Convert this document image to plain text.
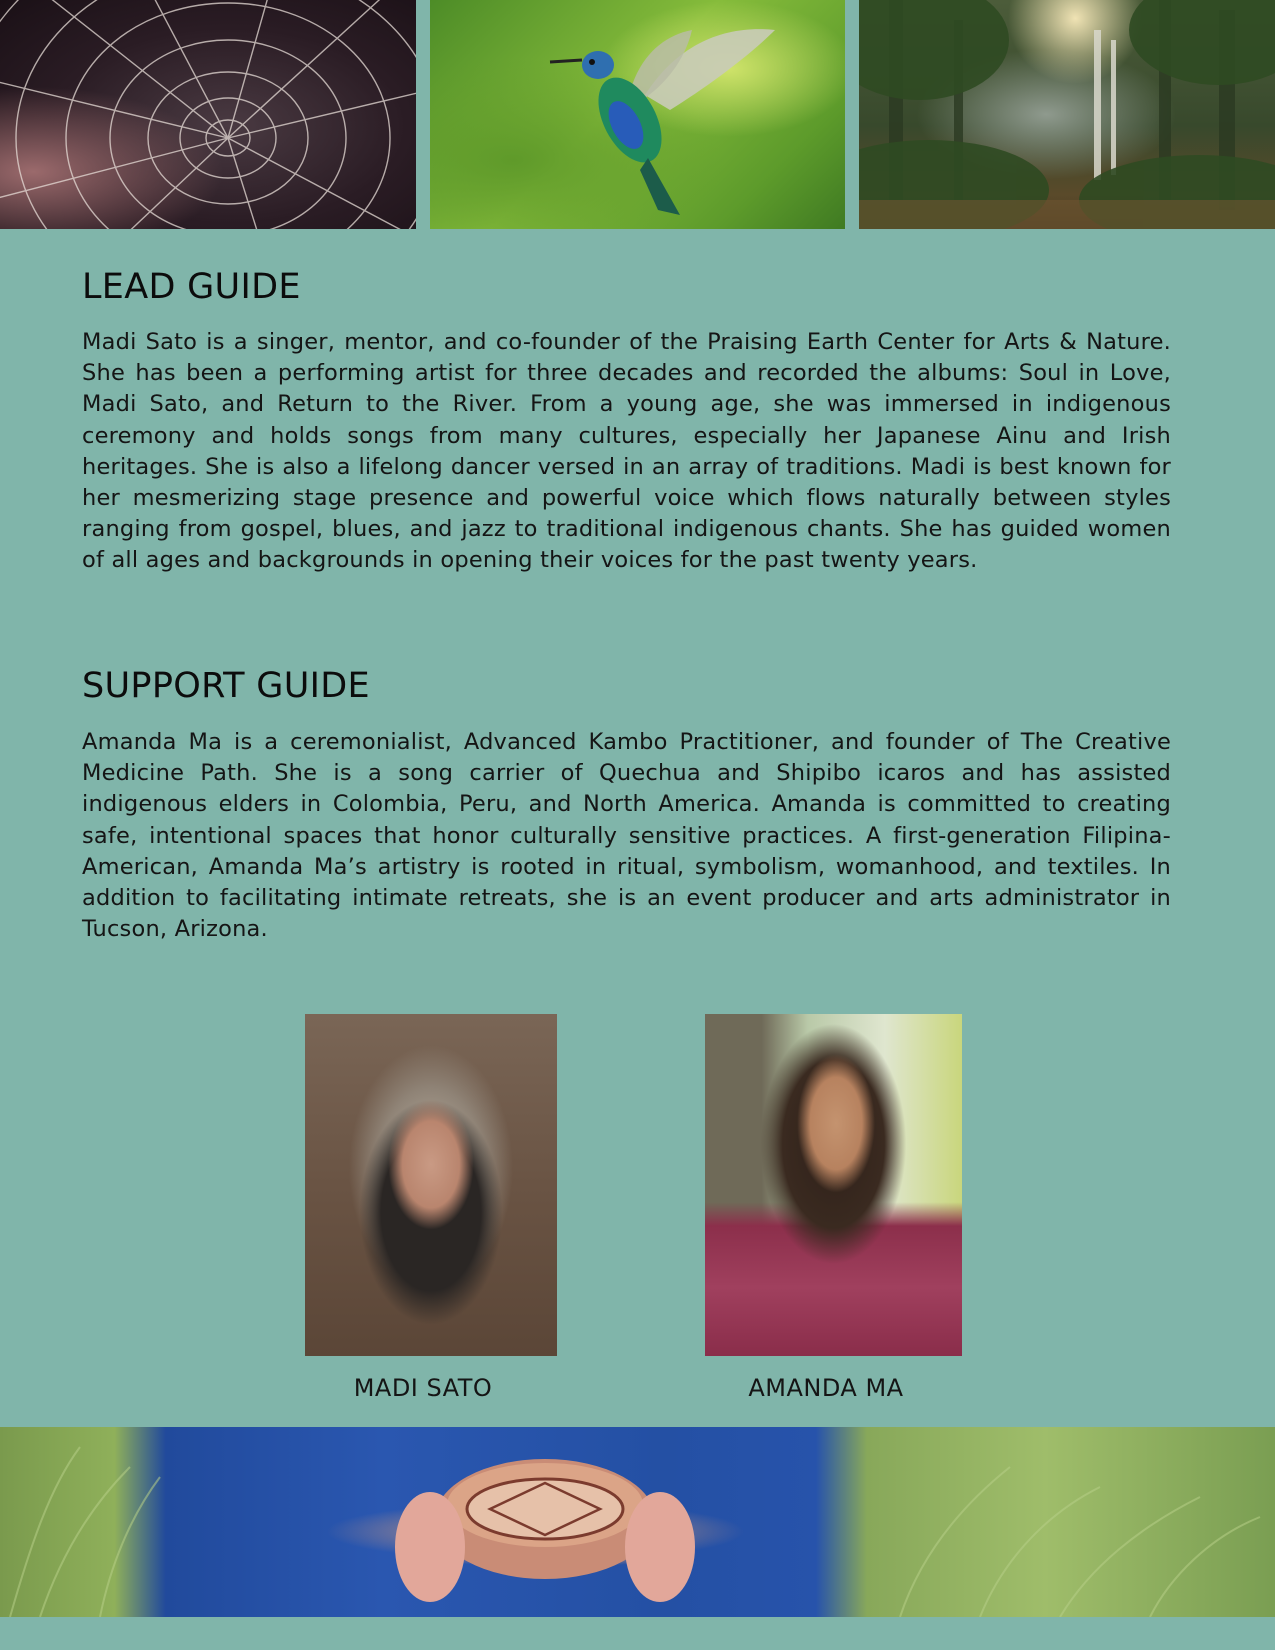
LEAD GUIDE

Madi Sato is a singer, mentor, and co-founder of the Praising Earth Center for Arts & Nature. She has been a performing artist for three decades and recorded the albums: Soul in Love, Madi Sato, and Return to the River. From a young age, she was immersed in indigenous ceremony and holds songs from many cultures, especially her Japanese Ainu and Irish heritages. She is also a lifelong dancer versed in an array of traditions. Madi is best known for her mesmerizing stage presence and powerful voice which flows naturally between styles ranging from gospel, blues, and jazz to traditional indigenous chants. She has guided women of all ages and backgrounds in opening their voices for the past twenty years.

SUPPORT GUIDE

Amanda Ma is a ceremonialist, Advanced Kambo Practitioner, and founder of The Creative Medicine Path. She is a song carrier of Quechua and Shipibo icaros and has assisted indigenous elders in Colombia, Peru, and North America. Amanda is committed to creating safe, intentional spaces that honor culturally sensitive practices. A first-generation Filipina-American, Amanda Ma’s artistry is rooted in ritual, symbolism, womanhood, and textiles. In addition to facilitating intimate retreats, she is an event producer and arts administrator in Tucson, Arizona.

MADI SATO	AMANDA MA
